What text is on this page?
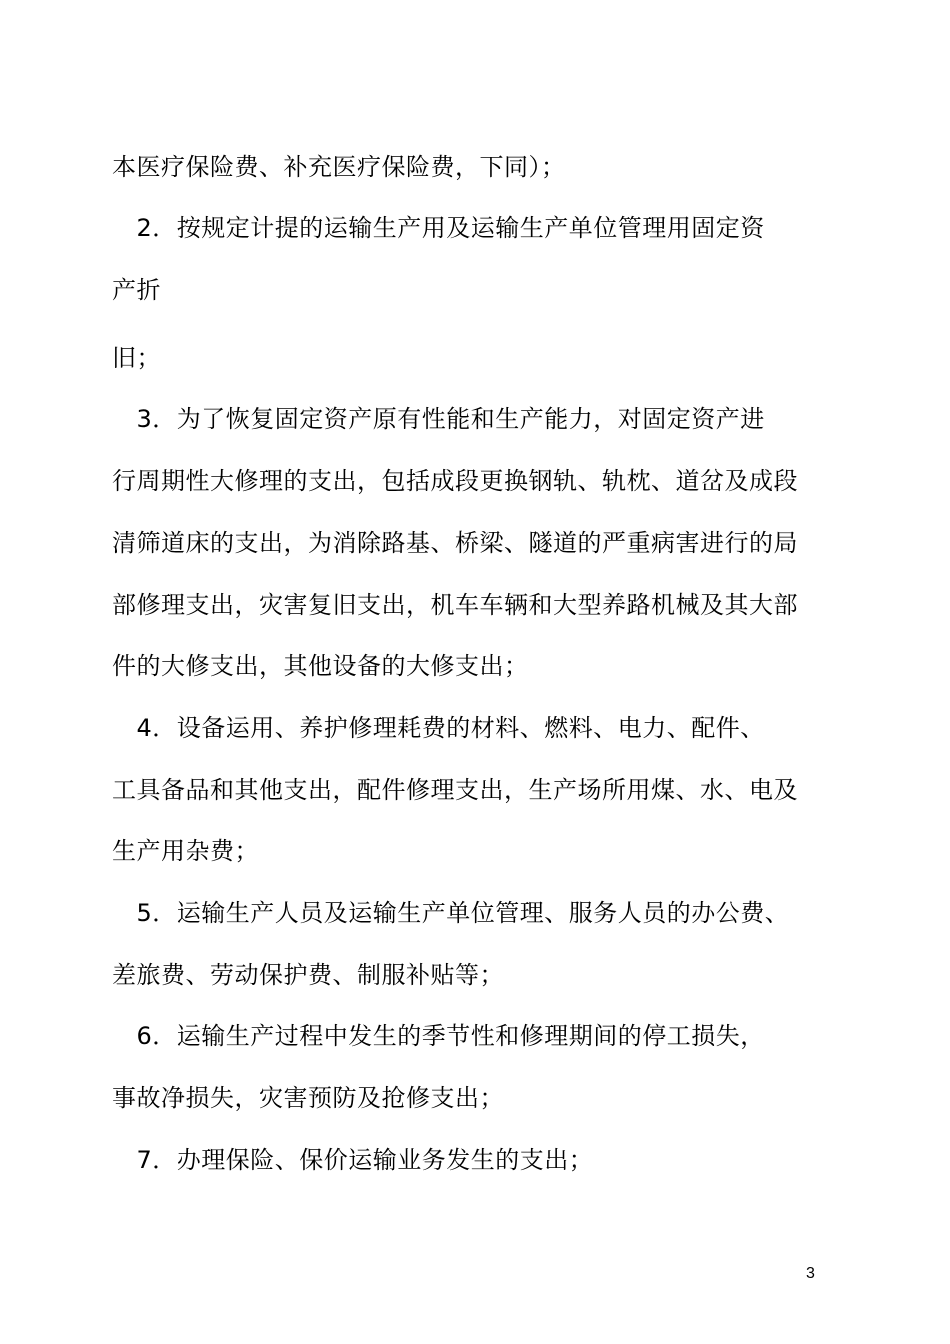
本医疗保险费、补充医疗保险费，下同）；
　2．按规定计提的运输生产用及运输生产单位管理用固定资
产折
旧；
　3．为了恢复固定资产原有性能和生产能力，对固定资产进
行周期性大修理的支出，包括成段更换钢轨、轨枕、道岔及成段
清筛道床的支出，为消除路基、桥梁、隧道的严重病害进行的局
部修理支出，灾害复旧支出，机车车辆和大型养路机械及其大部
件的大修支出，其他设备的大修支出；
　4．设备运用、养护修理耗费的材料、燃料、电力、配件、
工具备品和其他支出，配件修理支出，生产场所用煤、水、电及
生产用杂费；
　5．运输生产人员及运输生产单位管理、服务人员的办公费、
差旅费、劳动保护费、制服补贴等；
　6．运输生产过程中发生的季节性和修理期间的停工损失，
事故净损失，灾害预防及抢修支出；
　7．办理保险、保价运输业务发生的支出；
3
